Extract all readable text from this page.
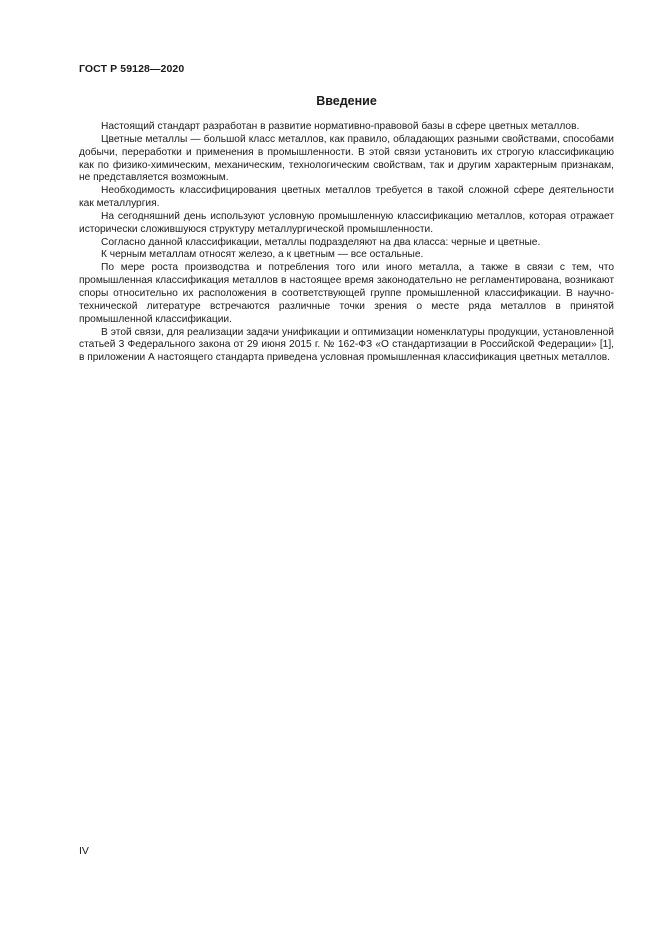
ГОСТ Р 59128—2020
Введение

Настоящий стандарт разработан в развитие нормативно-правовой базы в сфере цветных металлов.

Цветные металлы — большой класс металлов, как правило, обладающих разными свойствами, способами добычи, переработки и применения в промышленности. В этой связи установить их строгую классификацию как по физико-химическим, механическим, технологическим свойствам, так и другим характерным признакам, не представляется возможным.

Необходимость классифицирования цветных металлов требуется в такой сложной сфере деятельности как металлургия.

На сегодняшний день используют условную промышленную классификацию металлов, которая отражает исторически сложившуюся структуру металлургической промышленности.

Согласно данной классификации, металлы подразделяют на два класса: черные и цветные.

К черным металлам относят железо, а к цветным — все остальные.

По мере роста производства и потребления того или иного металла, а также в связи с тем, что промышленная классификация металлов в настоящее время законодательно не регламентирована, возникают споры относительно их расположения в соответствующей группе промышленной классификации. В научно-технической литературе встречаются различные точки зрения о месте ряда металлов в принятой промышленной классификации.

В этой связи, для реализации задачи унификации и оптимизации номенклатуры продукции, установленной статьей 3 Федерального закона от 29 июня 2015 г. № 162-ФЗ «О стандартизации в Российской Федерации» [1], в приложении А настоящего стандарта приведена условная промышленная классификация цветных металлов.

IV
